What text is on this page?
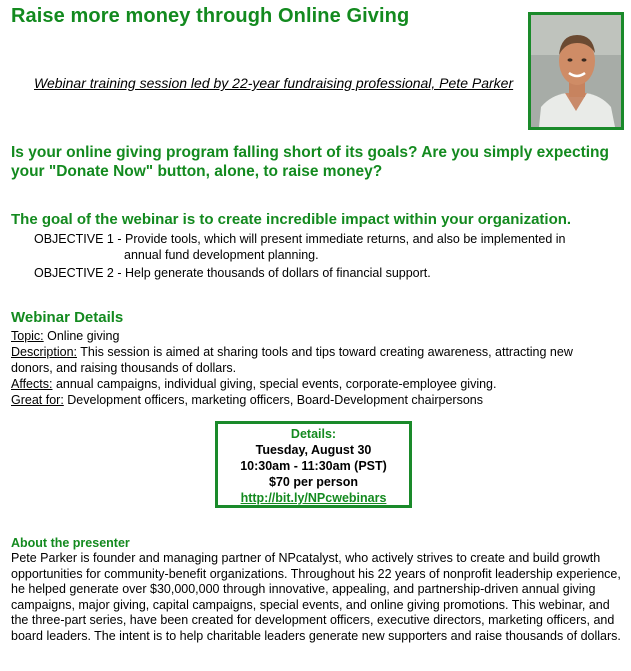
Raise more money through Online Giving

Webinar training session led by 22-year fundraising professional, Pete Parker

Is your online giving program falling short of its goals? Are you simply expecting your "Donate Now" button, alone, to raise money?

The goal of the webinar is to create incredible impact within your organization.
OBJECTIVE 1 - Provide tools, which will present immediate returns, and also be implemented in
annual fund development planning.
OBJECTIVE 2 - Help generate thousands of dollars of financial support.
Webinar Details
Topic: Online giving
Description: This session is aimed at sharing tools and tips toward creating awareness, attracting new donors, and raising thousands of dollars.
Affects: annual campaigns, individual giving, special events, corporate-employee giving.
Great for: Development officers, marketing officers, Board-Development chairpersons
Details:
Tuesday, August 30
10:30am - 11:30am (PST)
$70 per person
http://bit.ly/NPcwebinars
About the presenter

Pete Parker is founder and managing partner of NPcatalyst, who actively strives to create and build growth opportunities for community-benefit organizations. Throughout his 22 years of nonprofit leadership experience, he helped generate over $30,000,000 through innovative, appealing, and partnership-driven annual giving campaigns, major giving, capital campaigns, special events, and online giving promotions. This webinar, and the three-part series, have been created for development officers, executive directors, marketing officers, and board leaders. The intent is to help charitable leaders generate new supporters and raise thousands of dollars.
